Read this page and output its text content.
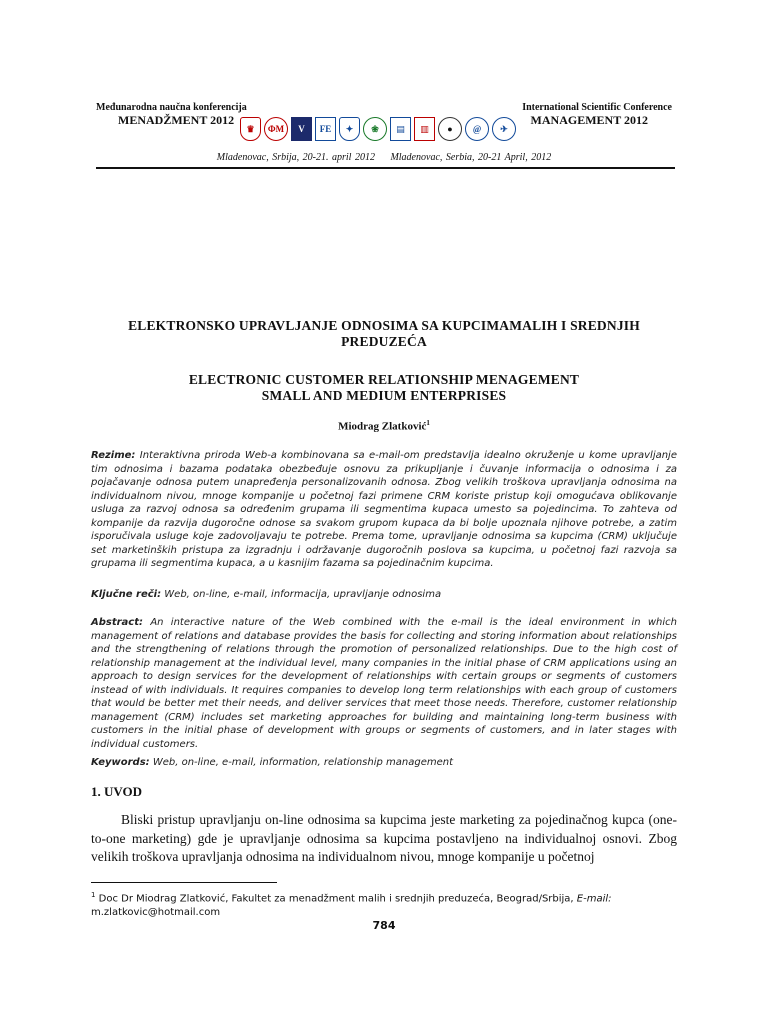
Međunarodna naučna konferencija
MENADŽMENT 2012
♛	ФМ	V	FE	✦	❀	▤	▥	●	@	✈
International Scientific Conference
MANAGEMENT 2012
Mladenovac, Srbija, 20-21. april 2012 Mladenovac, Serbia, 20-21 April, 2012
ELEKTRONSKO UPRAVLJANJE ODNOSIMA SA KUPCIMAMALIH I SREDNJIH
PREDUZEĆA
ELECTRONIC CUSTOMER RELATIONSHIP MENAGEMENT
SMALL AND MEDIUM ENTERPRISES
Miodrag Zlatković$^1$
Rezime: Interaktivna priroda Web-a kombinovana sa e-mail-om predstavlja idealno okruženje u kome upravljanje tim odnosima i bazama podataka obezbeđuje osnovu za prikupljanje i čuvanje informacija o odnosima i za pojačavanje odnosa putem unapređenja personalizovanih odnosa. Zbog velikih troškova upravljanja odnosima na individualnom nivou, mnoge kompanije u početnoj fazi primene CRM koriste pristup koji omogućava oblikovanje usluga za razvoj odnosa sa određenim grupama ili segmentima kupaca umesto sa pojedincima. To zahteva od kompanije da razvija dugoročne odnose sa svakom grupom kupaca da bi bolje upoznala njihove potrebe, a zatim isporučivala usluge koje zadovoljavaju te potrebe. Prema tome, upravljanje odnosima sa kupcima (CRM) uključuje set marketinških pristupa za izgradnju i održavanje dugoročnih poslova sa kupcima, u početnoj fazi razvoja sa grupama ili segmentima kupaca, a u kasnijim fazama sa pojedinačnim kupcima.
Ključne reči: Web, on-line, e-mail, informacija, upravljanje odnosima
Abstract: An interactive nature of the Web combined with the e-mail is the ideal environment in which management of relations and database provides the basis for collecting and storing information about relationships and the strengthening of relations through the promotion of personalized relationships. Due to the high cost of relationship management at the individual level, many companies in the initial phase of CRM applications using an approach to design services for the development of relationships with certain groups or segments of customers instead of with individuals. It requires companies to develop long term relationships with each group of customers that would be better met their needs, and deliver services that meet those needs. Therefore, customer relationship management (CRM) includes set marketing approaches for building and maintaining long-term business with customers in the initial phase of development with groups or segments of customers, and in later stages with individual customers.
Keywords: Web, on-line, e-mail, information, relationship management
1. UVOD
Bliski pristup upravljanju on-line odnosima sa kupcima jeste marketing za pojedinačnog kupca (one-to-one marketing) gde je upravljanje odnosima sa kupcima postavljeno na individualnoj osnovi. Zbog velikih troškova upravljanja odnosima na individualnom nivou, mnoge kompanije u početnoj
$^1$ Doc Dr Miodrag Zlatković, Fakultet za menadžment malih i srednjih preduzeća, Beograd/Srbija, E-mail:
m.zlatkovic@hotmail.com
784
